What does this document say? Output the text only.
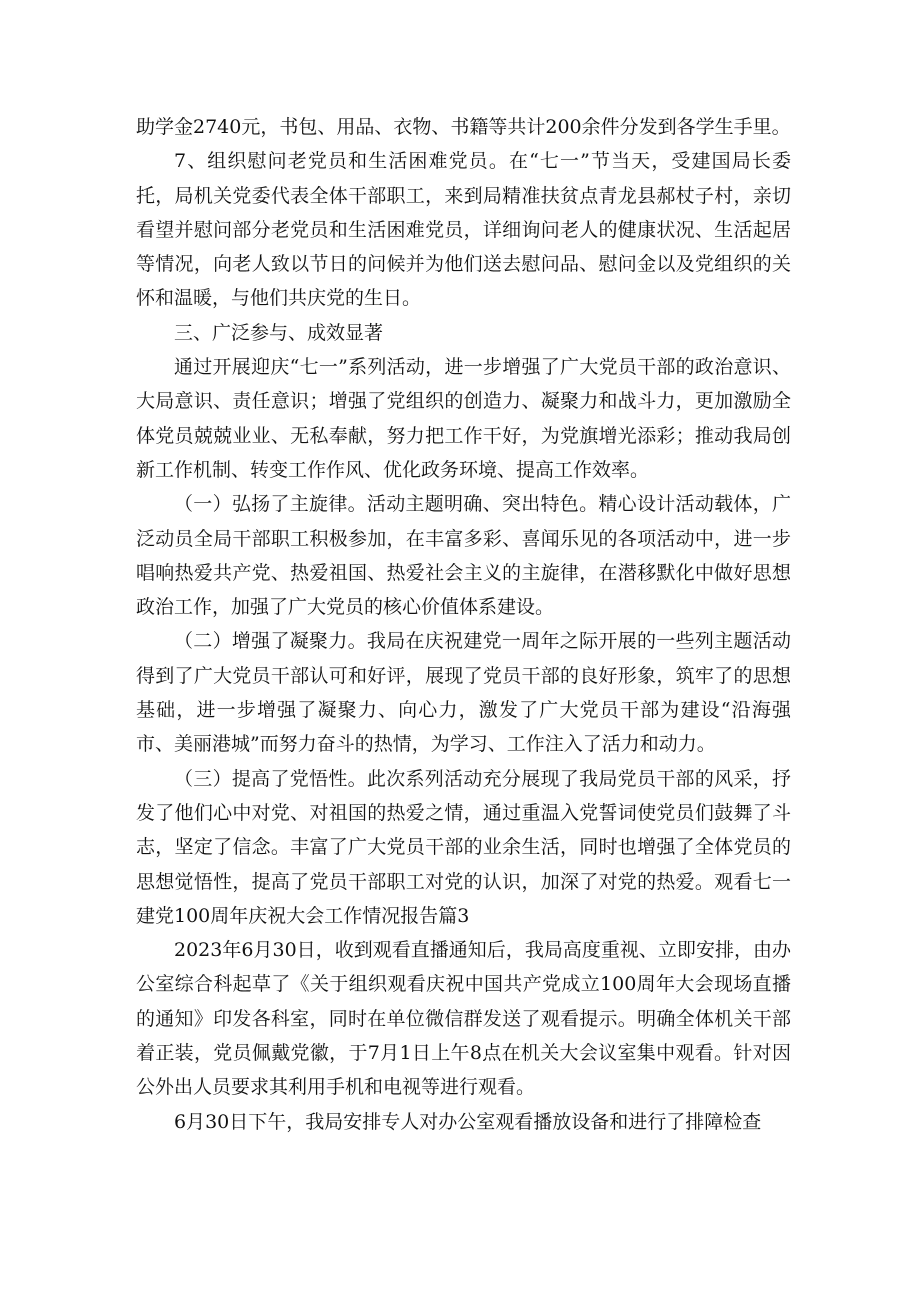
助学金2740元，书包、用品、衣物、书籍等共计200余件分发到各学生手里。

7、组织慰问老党员和生活困难党员。在“七一”节当天，受建国局长委托，局机关党委代表全体干部职工，来到局精准扶贫点青龙县郝杖子村，亲切看望并慰问部分老党员和生活困难党员，详细询问老人的健康状况、生活起居等情况，向老人致以节日的问候并为他们送去慰问品、慰问金以及党组织的关怀和温暖，与他们共庆党的生日。

三、广泛参与、成效显著

通过开展迎庆“七一”系列活动，进一步增强了广大党员干部的政治意识、大局意识、责任意识；增强了党组织的创造力、凝聚力和战斗力，更加激励全体党员兢兢业业、无私奉献，努力把工作干好，为党旗增光添彩；推动我局创新工作机制、转变工作作风、优化政务环境、提高工作效率。

（一）弘扬了主旋律。活动主题明确、突出特色。精心设计活动载体，广泛动员全局干部职工积极参加，在丰富多彩、喜闻乐见的各项活动中，进一步唱响热爱共产党、热爱祖国、热爱社会主义的主旋律，在潜移默化中做好思想政治工作，加强了广大党员的核心价值体系建设。

（二）增强了凝聚力。我局在庆祝建党一周年之际开展的一些列主题活动得到了广大党员干部认可和好评，展现了党员干部的良好形象，筑牢了的思想基础，进一步增强了凝聚力、向心力，激发了广大党员干部为建设“沿海强市、美丽港城”而努力奋斗的热情，为学习、工作注入了活力和动力。

（三）提高了党悟性。此次系列活动充分展现了我局党员干部的风采，抒发了他们心中对党、对祖国的热爱之情，通过重温入党誓词使党员们鼓舞了斗志，坚定了信念。丰富了广大党员干部的业余生活，同时也增强了全体党员的思想觉悟性，提高了党员干部职工对党的认识，加深了对党的热爱。观看七一建党100周年庆祝大会工作情况报告篇3

2023年6月30日，收到观看直播通知后，我局高度重视、立即安排，由办公室综合科起草了《关于组织观看庆祝中国共产党成立100周年大会现场直播的通知》印发各科室，同时在单位微信群发送了观看提示。明确全体机关干部着正装，党员佩戴党徽，于7月1日上午8点在机关大会议室集中观看。针对因公外出人员要求其利用手机和电视等进行观看。

6月30日下午，我局安排专人对办公室观看播放设备和进行了排障检查
